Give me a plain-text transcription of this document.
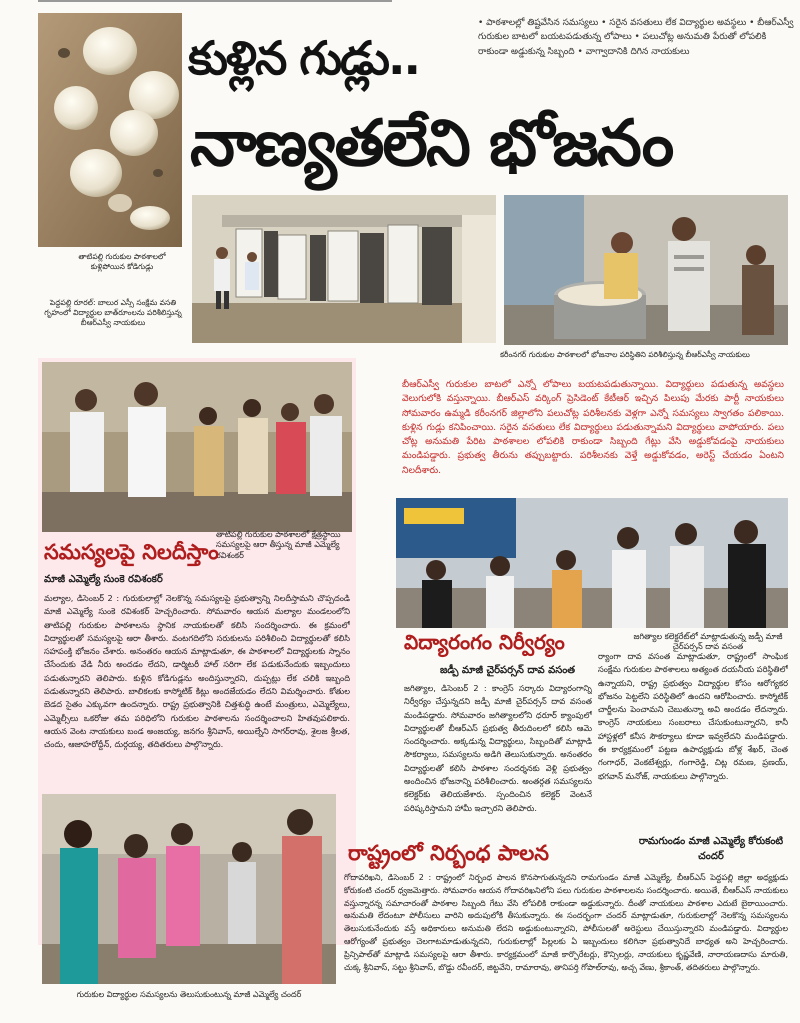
తాటిపల్లి గురుకుల పాఠశాలలో కుళ్లిపోయిన కోడిగుడ్లు
పెద్దపల్లి రూరల్: బాలుర ఎస్సీ సంక్షేమ వసతి గృహంలో విద్యార్థుల బాత్‌రూంలను పరిశీలిస్తున్న బీఆర్ఎస్వీ నాయకులు
• పాఠశాలల్లో తిష్టవేసిన సమస్యలు • సరైన వసతులు లేక విద్యార్థుల అవస్థలు • బీఆర్ఎస్వీ గురుకుల బాటలో బయటపడుతున్న లోపాలు • పలుచోట్ల అనుమతి పేరుతో లోపలికి రాకుండా అడ్డుకున్న సిబ్బంది • వాగ్వాదానికి దిగిన నాయకులు
కుళ్లిన గుడ్లు..
నాణ్యతలేని భోజనం
కరీంనగర్ గురుకుల పాఠశాలలో భోజనాల పరిస్థితిని పరిశీలిస్తున్న బీఆర్ఎస్వీ నాయకులు
బీఆర్ఎస్వీ గురుకుల బాటలో ఎన్నో లోపాలు బయటపడుతున్నాయి. విద్యార్థులు పడుతున్న అవస్థలు వెలుగులోకి వస్తున్నాయి. బీఆర్ఎస్ వర్కింగ్ ప్రెసిడెంట్ కేటీఆర్ ఇచ్చిన పిలుపు మేరకు పార్టీ నాయకులు సోమవారం ఉమ్మడి కరీంనగర్ జిల్లాలోని పలుచోట్ల పరిశీలనకు వెళ్లగా ఎన్నో సమస్యలు స్వాగతం పలికాయి. కుళ్లిన గుడ్లు కనిపించాయి. సరైన వసతులు లేక విద్యార్థులు పడుతున్నామని విద్యార్థులు వాపోయారు. పలు చోట్ల అనుమతి పేరిట పాఠశాలల లోపలికి రాకుండా సిబ్బంది గేట్లు వేసి అడ్డుకోవడంపై నాయకులు మండిపడ్డారు. ప్రభుత్వ తీరును తప్పుబట్టారు. పరిశీలనకు వెళ్తే అడ్డుకోవడం, అరెస్ట్ చేయడం ఏంటని నిలదీశారు.
తాటిపల్లి గురుకుల పాఠశాలలో క్షేత్రస్థాయి సమస్యలపై ఆరా తీస్తున్న మాజీ ఎమ్మెల్యే రవిశంకర్
సమస్యలపై నిలదీస్తాం
మాజీ ఎమ్మెల్యే సుంకె రవిశంకర్
మల్యాల, డిసెంబర్ 2 : గురుకులాల్లో నెలకొన్న సమస్యలపై ప్రభుత్వాన్ని నిలదీస్తామని చొప్పదండి మాజీ ఎమ్మెల్యే సుంకె రవిశంకర్ హెచ్చరించారు. సోమవారం ఆయన మల్యాల మండలంలోని తాటిపల్లి గురుకుల పాఠశాలను స్థానిక నాయకులతో కలిసి సందర్శించారు. ఈ క్రమంలో విద్యార్థులతో సమస్యలపై ఆరా తీశారు. వంటగదిలోని సరుకులను పరిశీలించి విద్యార్థులతో కలిసి సహపంక్తి భోజనం చేశారు. అనంతరం ఆయన మాట్లాడుతూ, ఈ పాఠశాలలో విద్యార్థులకు స్నానం చేసేందుకు వేడి నీరు అందడం లేదని, డార్మిటరీ హాల్ సరిగా లేక పడుకునేందుకు ఇబ్బందులు పడుతున్నారని తెలిపారు. కుళ్లిన కోడిగుడ్లను అందిస్తున్నారని, దుప్పట్లు లేక చలికి ఇబ్బంది పడుతున్నారని తెలిపారు. బాలికలకు కాస్మోటిక్ కిట్లు అందజేయడం లేదని విమర్శించారు. కోతుల బెడద సైతం ఎక్కువగా ఉందన్నారు. రాష్ట్ర ప్రభుత్వానికి చిత్తశుద్ధి ఉంటే మంత్రులు, ఎమ్మెల్యేలు, ఎమ్మెల్సీలు ఒకరోజు తమ పరిధిలోని గురుకుల పాఠశాలను సందర్శించాలని హితవుపలికారు. ఆయన వెంట నాయకులు బండ అంజయ్య, జనగం శ్రీనివాస్, అయిల్నేని సాగర్‌రావు, శైలజ శ్రీలత, చందు, ఆజాహరోద్దీన్, దుర్గయ్య, తదితరులు పాల్గొన్నారు.
జగిత్యాల కలెక్టరేట్‌లో మాట్లాడుతున్న జడ్పీ మాజీ చైర్‌పర్సన్ దావ వసంత
విద్యారంగం నిర్వీర్యం
జడ్పీ మాజీ చైర్‌పర్సన్ దావ వసంత
జగిత్యాల, డిసెంబర్ 2 : కాంగ్రెస్ సర్కారు విద్యారంగాన్ని నిర్వీర్యం చేస్తున్నదని జడ్పీ మాజీ చైర్‌పర్సన్ దావ వసంత మండిపడ్డారు. సోమవారం జగిత్యాలలోని ధరూర్ క్యాంపులో విద్యార్థులతో బీఆర్ఎస్ ప్రభుత్వ తీరుదింలలో కలిసి ఆమె సందర్శించారు. అక్కడున్న విద్యార్థులు, సిబ్బందితో మాట్లాడి సౌకర్యాలు, సమస్యలను అడిగి తెలుసుకున్నారు. అనంతరం విద్యార్థులతో కలిసి పాఠశాల సందర్శనకు వెళ్లి ప్రభుత్వం అందించిన భోజనాన్ని పరిశీలించారు. అంతర్గత సమస్యలను కలెక్టర్‌కు తెలియజేశారు. స్పందించిన కలెక్టర్ వెంటనే పరిష్కరిస్తామని హామీ ఇచ్చారని తెలిపారు.
ర్యాంగా దావ వసంత మాట్లాడుతూ, రాష్ట్రంలో సాంఘిక సంక్షేమ గురుకుల పాఠశాలలు అత్యంత దయనీయ పరిస్థితిలో ఉన్నాయని, రాష్ట్ర ప్రభుత్వం విద్యార్థుల కోసం ఆరోగ్యకర భోజనం పెట్టలేని పరిస్థితిలో ఉందని ఆరోపించారు. కాస్మోటిక్ చార్జీలను పెంచామని చెబుతున్నా అవి అందడం లేదన్నారు. కాంగ్రెస్ నాయకులు సంబరాలు చేసుకుంటున్నారని, కానీ హాస్టళ్లలో కనీస సౌకర్యాలు కూడా ఇవ్వలేదని మండిపడ్డారు. ఈ కార్యక్రమంలో పట్టణ ఉపాధ్యక్షుడు బోళ్ల శేఖర్, చెంత గంగాధర్, వెంకటేశ్వర్లు, గంగారెడ్డి, చిట్ల రమణ, ప్రణయ్, భగవాన్ మనోజ్, నాయకులు పాల్గొన్నారు.
గురుకుల విద్యార్థుల సమస్యలను తెలుసుకుంటున్న మాజీ ఎమ్మెల్యే చందర్
రాష్ట్రంలో నిర్బంధ పాలన	రామగుండం మాజీ ఎమ్మెల్యే కోరుకంటి చందర్
గోదావరిఖని, డిసెంబర్ 2 : రాష్ట్రంలో నిర్బంధ పాలన కొనసాగుతున్నదని రామగుండం మాజీ ఎమ్మెల్యే, బీఆర్ఎస్ పెద్దపల్లి జిల్లా అధ్యక్షుడు కోరుకంటి చందర్ ధ్వజమెత్తారు. సోమవారం ఆయన గోదావరిఖనిలోని పలు గురుకుల పాఠశాలలను సందర్శించారు. అయితే, బీఆర్ఎస్ నాయకులు వస్తున్నారన్న సమాచారంతో పాఠశాల సిబ్బంది గేటు వేసి లోపలికి రాకుండా అడ్డుకున్నారు. దీంతో నాయకులు పాఠశాల ఎదుటే బైఠాయించారు. అనుమతి లేదంటూ పోలీసులు వారిని అదుపులోకి తీసుకున్నారు. ఈ సందర్భంగా చందర్ మాట్లాడుతూ, గురుకులాల్లో నెలకొన్న సమస్యలను తెలుసుకునేందుకు వస్తే అధికారులు అనుమతి లేదని అడ్డుకుంటున్నారని, పోలీసులతో అరెస్టులు చేయిస్తున్నారని మండిపడ్డారు. విద్యార్థుల ఆరోగ్యంతో ప్రభుత్వం చెలగాటమాడుతున్నదని, గురుకులాల్లో పిల్లలకు ఏ ఇబ్బందులు కలిగినా ప్రభుత్వానిదే బాధ్యత అని హెచ్చరించారు. ప్రిన్సిపాల్‌తో మాట్లాడి సమస్యలపై ఆరా తీశారు. కార్యక్రమంలో మాజీ కార్పొరేటర్లు, కౌన్సిలర్లు, నాయకులు కృష్ణవేణి, నారాయణదాసు మారుతి, చుక్క శ్రీనివాస్, సట్టు శ్రీనివాస్, బొడ్డు రవీందర్, జిట్టవేని, రామారావు, తానిపర్తి గోపాల్‌రావు, అచ్చ వేణు, శ్రీకాంత్, తదితరులు పాల్గొన్నారు.
